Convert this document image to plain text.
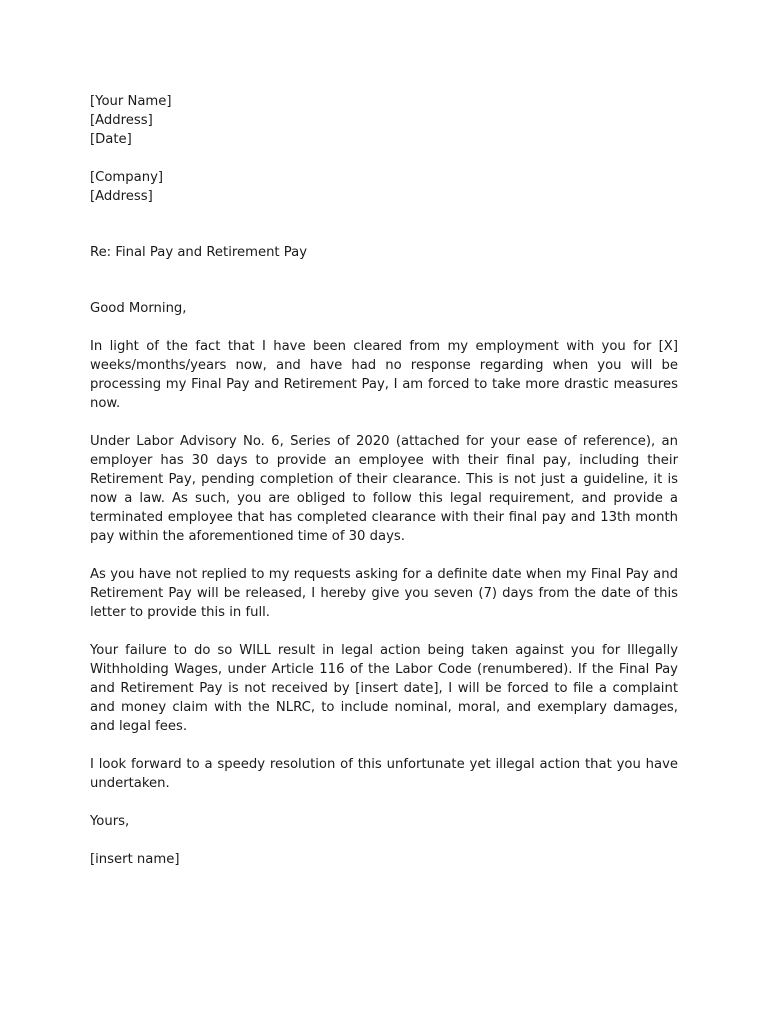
[Your Name]
[Address]
[Date]
[Company]
[Address]
Re: Final Pay and Retirement Pay
Good Morning,

In light of the fact that I have been cleared from my employment with you for [X] weeks/months/years now, and have had no response regarding when you will be processing my Final Pay and Retirement Pay, I am forced to take more drastic measures now.

Under Labor Advisory No. 6, Series of 2020 (attached for your ease of reference), an employer has 30 days to provide an employee with their final pay, including their Retirement Pay, pending completion of their clearance. This is not just a guideline, it is now a law. As such, you are obliged to follow this legal requirement, and provide a terminated employee that has completed clearance with their final pay and 13th month pay within the aforementioned time of 30 days.

As you have not replied to my requests asking for a definite date when my Final Pay and Retirement Pay will be released, I hereby give you seven (7) days from the date of this letter to provide this in full.

Your failure to do so WILL result in legal action being taken against you for Illegally Withholding Wages, under Article 116 of the Labor Code (renumbered). If the Final Pay and Retirement Pay is not received by [insert date], I will be forced to file a complaint and money claim with the NLRC, to include nominal, moral, and exemplary damages, and legal fees.

I look forward to a speedy resolution of this unfortunate yet illegal action that you have undertaken.

Yours,
[insert name]
